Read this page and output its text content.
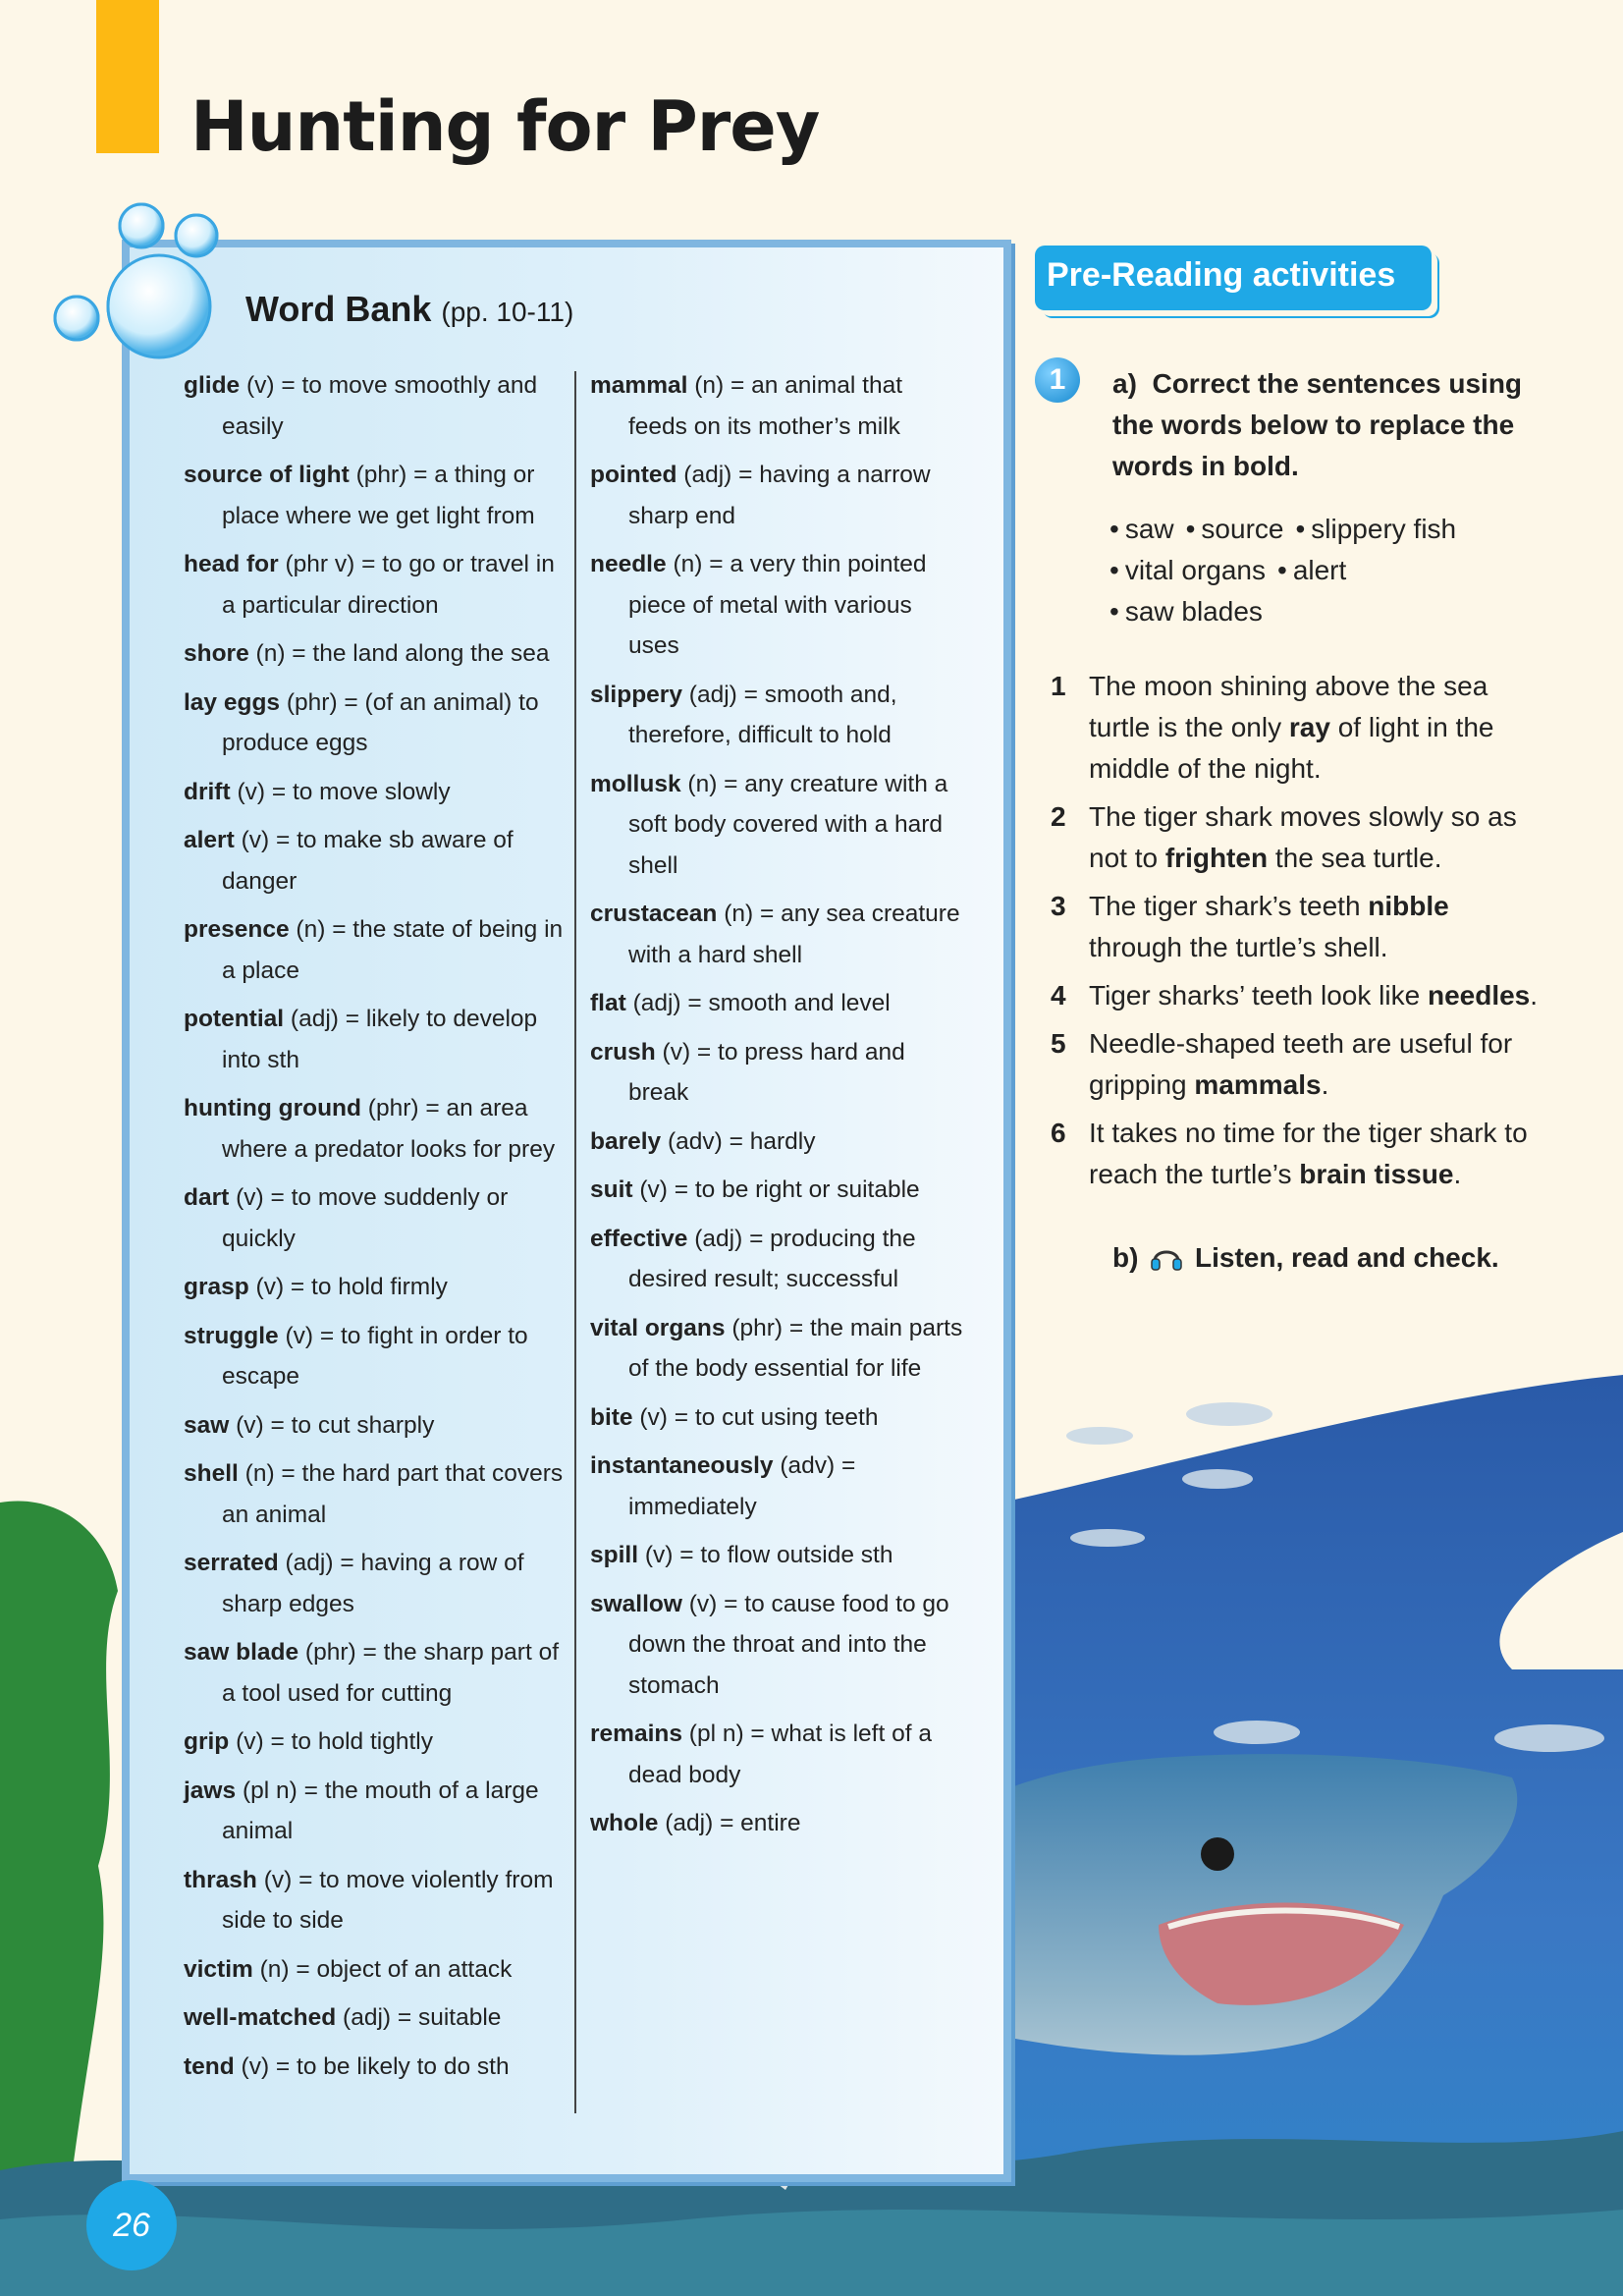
Hunting for Prey
Word Bank (pp. 10-11)
glide (v) = to move smoothly and easily
source of light (phr) = a thing or place where we get light from
head for (phr v) = to go or travel in a particular direction
shore (n) = the land along the sea
lay eggs (phr) = (of an animal) to produce eggs
drift (v) = to move slowly
alert (v) = to make sb aware of danger
presence (n) = the state of being in a place
potential (adj) = likely to develop into sth
hunting ground (phr) = an area where a predator looks for prey
dart (v) = to move suddenly or quickly
grasp (v) = to hold firmly
struggle (v) = to fight in order to escape
saw (v) = to cut sharply
shell (n) = the hard part that covers an animal
serrated (adj) = having a row of sharp edges
saw blade (phr) = the sharp part of a tool used for cutting
grip (v) = to hold tightly
jaws (pl n) = the mouth of a large animal
thrash (v) = to move violently from side to side
victim (n) = object of an attack
well-matched (adj) = suitable
tend (v) = to be likely to do sth
mammal (n) = an animal that feeds on its mother’s milk
pointed (adj) = having a narrow sharp end
needle (n) = a very thin pointed piece of metal with various uses
slippery (adj) = smooth and, therefore, difficult to hold
mollusk (n) = any creature with a soft body covered with a hard shell
crustacean (n) = any sea creature with a hard shell
flat (adj) = smooth and level
crush (v) = to press hard and break
barely (adv) = hardly
suit (v) = to be right or suitable
effective (adj) = producing the desired result; successful
vital organs (phr) = the main parts of the body essential for life
bite (v) = to cut using teeth
instantaneously (adv) = immediately
spill (v) = to flow outside sth
swallow (v) = to cause food to go down the throat and into the stomach
remains (pl n) = what is left of a dead body
whole (adj) = entire
Pre-Reading activities
1	a) Correct the sentences using the words below to replace the words in bold.
• saw • source • slippery fish
• vital organs • alert
• saw blades
1 The moon shining above the sea turtle is the only ray of light in the middle of the night.
2 The tiger shark moves slowly so as not to frighten the sea turtle.
3 The tiger shark’s teeth nibble through the turtle’s shell.
4 Tiger sharks’ teeth look like needles.
5 Needle-shaped teeth are useful for gripping mammals.
6 It takes no time for the tiger shark to reach the turtle’s brain tissue.
b) Listen, read and check.
26
